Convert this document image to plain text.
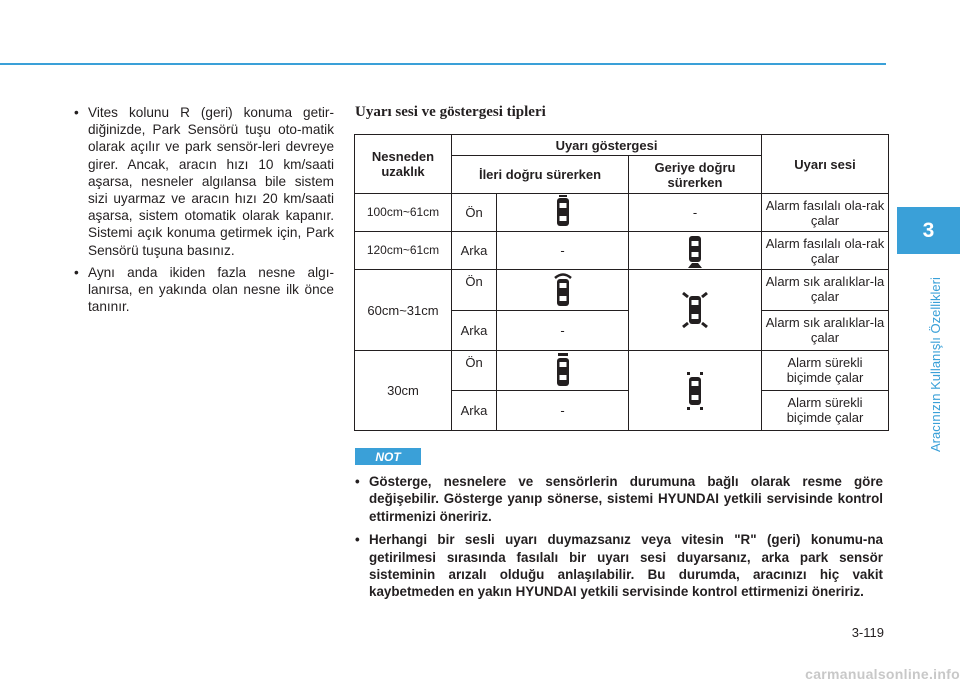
3
Aracınızın Kullanışlı Özellikleri
• Vites kolunu R (geri) konuma getir-diğinizde, Park Sensörü tuşu oto-matik olarak açılır ve park sensör-leri devreye girer. Ancak, aracın hızı 10 km/saati aşarsa, nesneler algılansa bile sistem sizi uyarmaz ve aracın hızı 20 km/saati aşarsa, sistem otomatik olarak kapanır. Sistemi açık konuma getirmek için, Park Sensörü tuşuna basınız.
• Aynı anda ikiden fazla nesne algı-lanırsa, en yakında olan nesne ilk önce tanınır.
Uyarı sesi ve göstergesi tipleri
Nesneden uzaklık	Uyarı göstergesi			Uyarı sesi
	İleri doğru sürerken		Geriye doğru sürerken	
100cm~61cm	Ön		-	Alarm fasılalı ola-rak çalar
120cm~61cm	Arka	-		Alarm fasılalı ola-rak çalar
60cm~31cm	Ön			Alarm sık aralıklar-la çalar
	Arka	-		Alarm sık aralıklar-la çalar
30cm	Ön			Alarm sürekli biçimde çalar
	Arka	-		Alarm sürekli biçimde çalar
NOT
• Gösterge, nesnelere ve sensörlerin durumuna bağlı olarak resme göre değişebilir. Gösterge yanıp sönerse, sistemi HYUNDAI yetkili servisinde kontrol ettirmenizi öneririz.
• Herhangi bir sesli uyarı duymazsanız veya vitesin "R" (geri) konumu-na getirilmesi sırasında fasılalı bir uyarı sesi duyarsanız, arka park sensör sisteminin arızalı olduğu anlaşılabilir. Bu durumda, aracınızı hiç vakit kaybetmeden en yakın HYUNDAI yetkili servisinde kontrol ettirmenizi öneririz.
3-119
carmanualsonline.info
